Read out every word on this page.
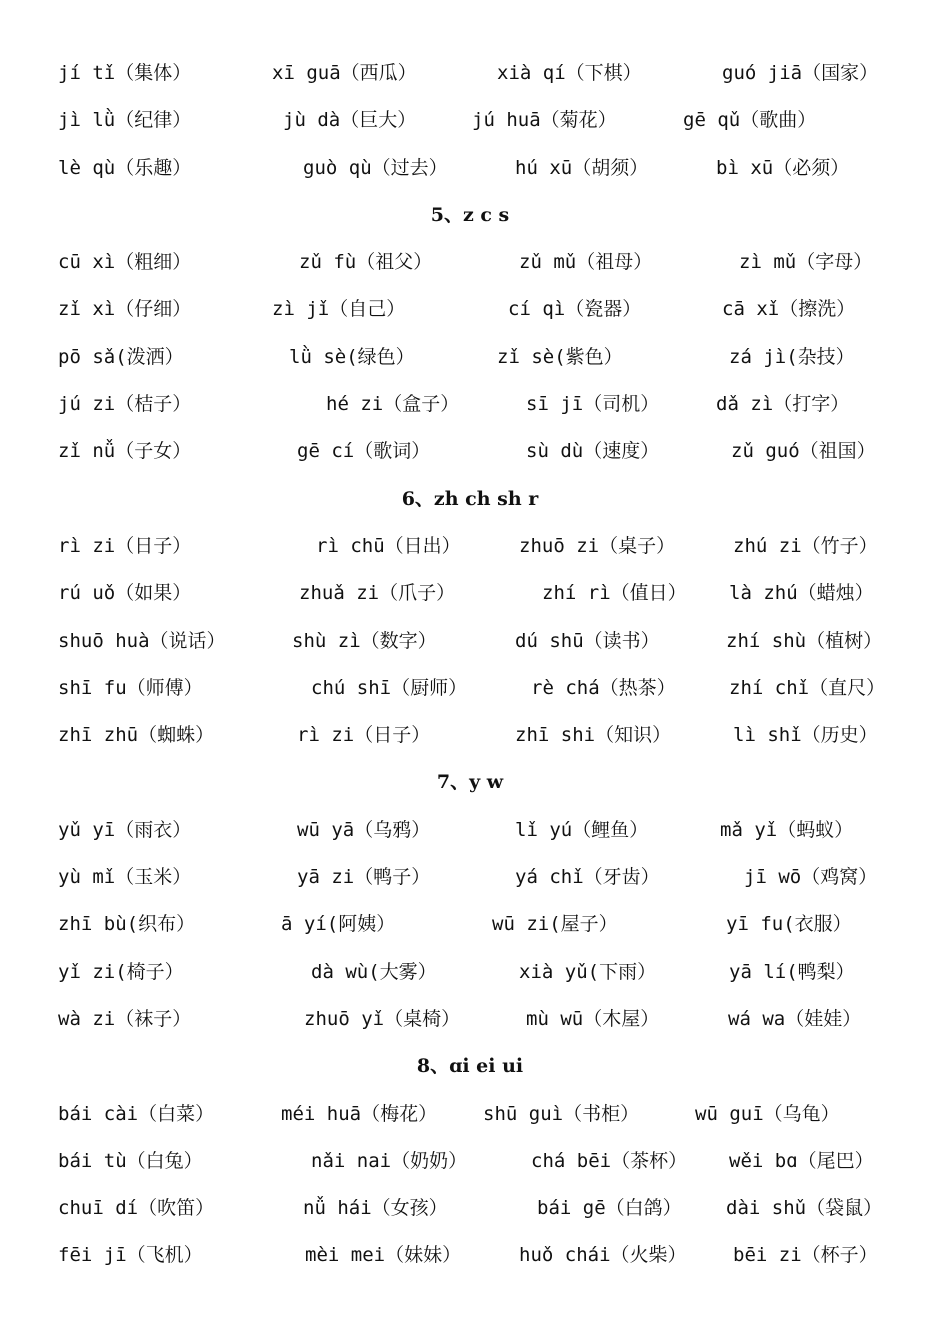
jí tǐ（集体）	xī guā（西瓜）	xià qí（下棋）	guó jiā（国家）
jì lǜ（纪律）	jù dà（巨大）	jú huā（菊花）	gē qǔ（歌曲）
lè qù（乐趣）	guò qù（过去）	hú xū（胡须）	bì xū（必须）
5、z c s
cū xì（粗细）	zǔ fù（祖父）	zǔ mǔ（祖母）	zì mǔ（字母）
zǐ xì（仔细）	zì jǐ（自己）	cí qì（瓷器）	cā xǐ（擦洗）
pō sǎ(泼洒）	lǜ sè(绿色）	zǐ sè(紫色）	zá jì(杂技）
jú zi（桔子）	hé zi（盒子）	sī jī（司机）	dǎ zì（打字）
zǐ nǚ（子女）	gē cí（歌词）	sù dù（速度）	zǔ guó（祖国）
6、zh ch sh r
rì zi（日子）	rì chū（日出）	zhuō zi（桌子）	zhú zi（竹子）
rú uǒ（如果）	zhuǎ zi（爪子）	zhí rì（值日） là zhú（蜡烛）
shuō huà（说话）	shù zì（数字）	dú shū（读书）	zhí shù（植树）
shī fu（师傅）	chú shī（厨师）	rè chá（热茶）	zhí chǐ（直尺）
zhī zhū（蜘蛛）	rì zi（日子）	zhī shi（知识）	lì shǐ（历史）
7、y w
yǔ yī（雨衣）	wū yā（乌鸦）	lǐ yú（鲤鱼）	mǎ yǐ（蚂蚁）
yù mǐ（玉米）	yā zi（鸭子）	yá chǐ（牙齿）	jī wō（鸡窝）
zhī bù(织布）	ā yí(阿姨）	wū zi(屋子）	yī fu(衣服）
yǐ zi(椅子）	dà wù(大雾）	xià yǔ(下雨）	yā lí(鸭梨）
wà zi（袜子）	zhuō yǐ（桌椅）	mù wū（木屋）	wá wa（娃娃）
8、ɑi ei ui
bái cài（白菜）	méi huā（梅花） shū guì（书柜）	wū guī（乌龟）
bái tù（白兔）	nǎi nai（奶奶）	chá bēi（茶杯） wěi bɑ（尾巴）
chuī dí（吹笛）	nǚ hái（女孩）	bái gē（白鸽） dài shǔ（袋鼠）
fēi jī（飞机）	mèi mei（妹妹）	huǒ chái（火柴） bēi zi（杯子）
